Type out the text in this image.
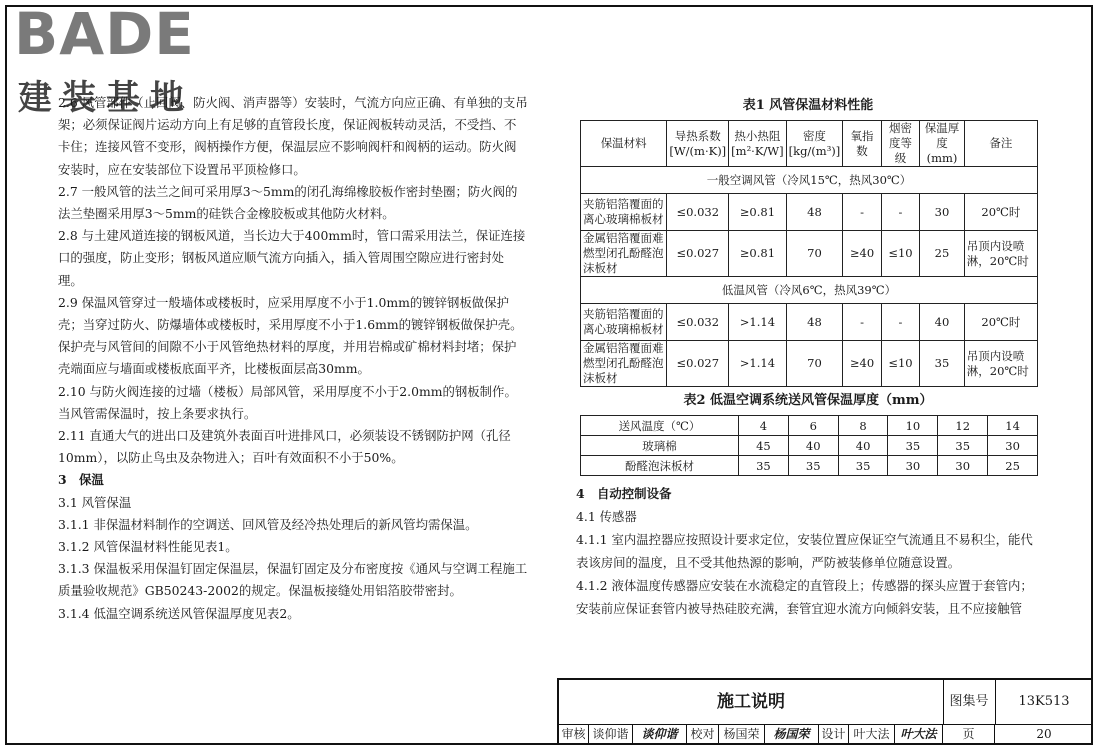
BADE
建装基地

2.6 风管部件（止回阀、防火阀、消声器等）安装时，气流方向应正确、有单独的支吊架；必须保证阀片运动方向上有足够的直管段长度，保证阀板转动灵活，不受挡、不卡住；连接风管不变形，阀柄操作方便，保温层应不影响阀杆和阀柄的运动。防火阀安装时，应在安装部位下设置吊平顶检修口。

2.7 一般风管的法兰之间可采用厚3～5mm的闭孔海绵橡胶板作密封垫圈；防火阀的法兰垫圈采用厚3～5mm的硅铁合金橡胶板或其他防火材料。

2.8 与土建风道连接的钢板风道，当长边大于400mm时，管口需采用法兰，保证连接口的强度，防止变形；钢板风道应顺气流方向插入，插入管周围空隙应进行密封处理。

2.9 保温风管穿过一般墙体或楼板时，应采用厚度不小于1.0mm的镀锌钢板做保护壳；当穿过防火、防爆墙体或楼板时，采用厚度不小于1.6mm的镀锌钢板做保护壳。保护壳与风管间的间隙不小于风管绝热材料的厚度，并用岩棉或矿棉材料封堵；保护壳端面应与墙面或楼板底面平齐，比楼板面层高30mm。

2.10 与防火阀连接的过墙（楼板）局部风管，采用厚度不小于2.0mm的钢板制作。当风管需保温时，按上条要求执行。

2.11 直通大气的进出口及建筑外表面百叶进排风口，必须装设不锈钢防护网（孔径10mm），以防止鸟虫及杂物进入；百叶有效面积不小于50%。

3　保温

3.1 风管保温

3.1.1 非保温材料制作的空调送、回风管及经冷热处理后的新风管均需保温。

3.1.2 风管保温材料性能见表1。

3.1.3 保温板采用保温钉固定保温层，保温钉固定及分布密度按《通风与空调工程施工质量验收规范》GB50243-2002的规定。保温板接缝处用铝箔胶带密封。

3.1.4 低温空调系统送风管保温厚度见表2。

表1 风管保温材料性能
保温材料	导热系数[W/(m·K)]	热小热阻[m²·K/W]	密度[kg/(m³)]	氧指数	烟密度等级	保温厚度(mm)	备注
一般空调风管（冷风15℃，热风30℃）							
夹筋铝箔覆面的离心玻璃棉板材	≤0.032	≥0.81	48	-	-	30	20℃时
金属铝箔覆面难燃型闭孔酚醛泡沫板材	≤0.027	≥0.81	70	≥40	≤10	25	吊顶内设喷淋，20℃时
低温风管（冷风6℃，热风39℃）							
夹筋铝箔覆面的离心玻璃棉板材	≤0.032	>1.14	48	-	-	40	20℃时
金属铝箔覆面难燃型闭孔酚醛泡沫板材	≤0.027	>1.14	70	≥40	≤10	35	吊顶内设喷淋，20℃时
表2 低温空调系统送风管保温厚度（mm）
送风温度（℃）	4	6	8	10	12	14
玻璃棉	45	40	40	35	35	30
酚醛泡沫板材	35	35	35	30	30	25

4　自动控制设备

4.1 传感器

4.1.1 室内温控器应按照设计要求定位，安装位置应保证空气流通且不易积尘，能代表该房间的温度，且不受其他热源的影响，严防被装修单位随意设置。

4.1.2 液体温度传感器应安装在水流稳定的直管段上；传感器的探头应置于套管内；安装前应保证套管内被导热硅胶充满，套管宜迎水流方向倾斜安装，且不应接触管

施工说明	图集号	13K513
审核 谈仰谐	谈仰谐	校对 杨国荣	杨国荣 设计 叶大法 叶大法	页	20
